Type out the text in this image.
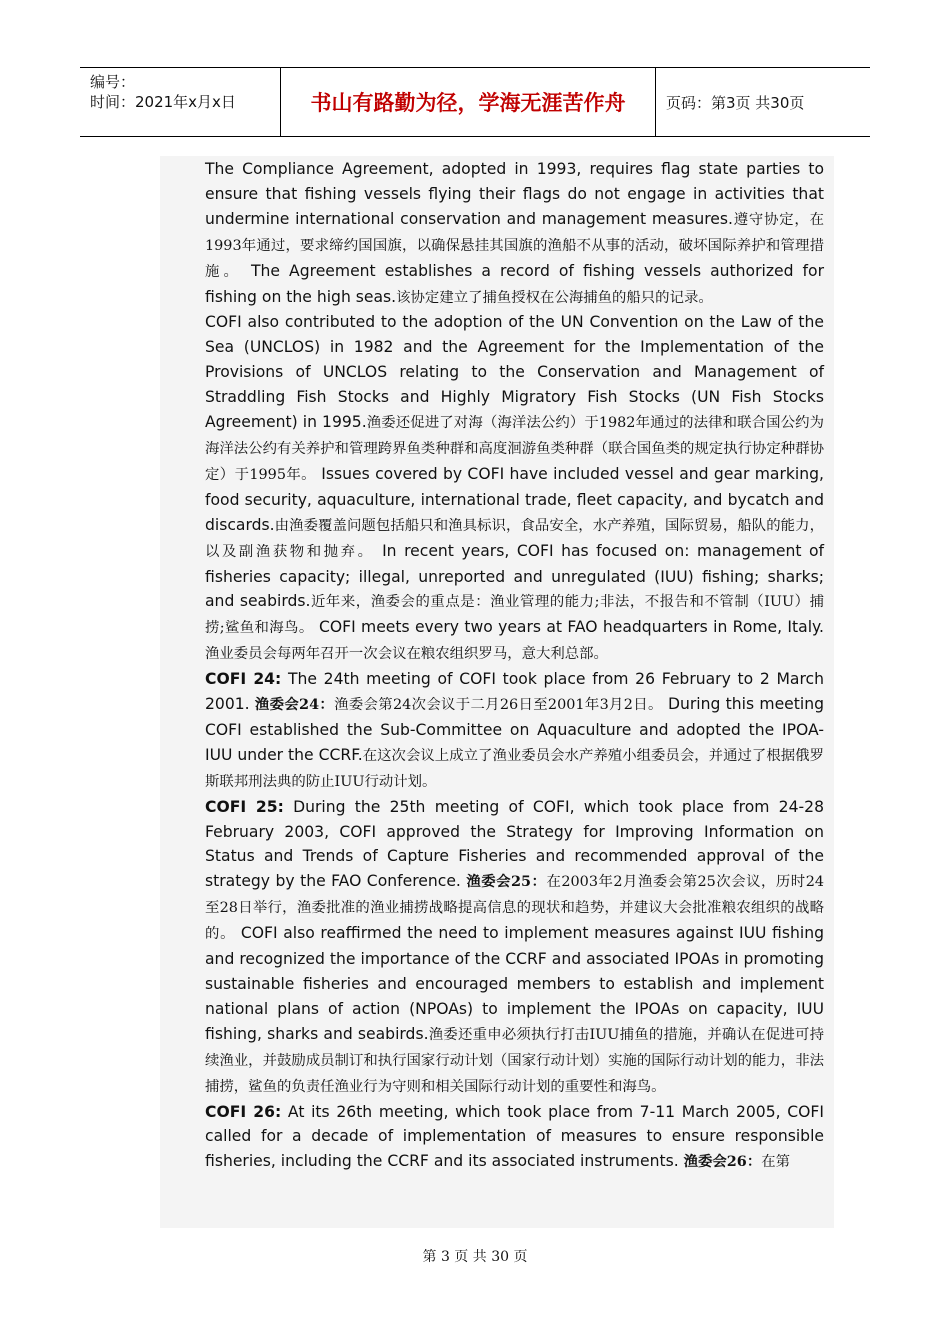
编号：
时间：2021年x月x日	书山有路勤为径，学海无涯苦作舟	页码：第3页 共30页

The Compliance Agreement, adopted in 1993, requires flag state parties to ensure that fishing vessels flying their flags do not engage in activities that undermine international conservation and management measures.遵守协定，在1993年通过，要求缔约国国旗，以确保悬挂其国旗的渔船不从事的活动，破坏国际养护和管理措施。 The Agreement establishes a record of fishing vessels authorized for fishing on the high seas.该协定建立了捕鱼授权在公海捕鱼的船只的记录。

COFI also contributed to the adoption of the UN Convention on the Law of the Sea (UNCLOS) in 1982 and the Agreement for the Implementation of the Provisions of UNCLOS relating to the Conservation and Management of Straddling Fish Stocks and Highly Migratory Fish Stocks (UN Fish Stocks Agreement) in 1995.渔委还促进了对海（海洋法公约）于1982年通过的法律和联合国公约为海洋法公约有关养护和管理跨界鱼类种群和高度洄游鱼类种群（联合国鱼类的规定执行协定种群协定）于1995年。 Issues covered by COFI have included vessel and gear marking, food security, aquaculture, international trade, fleet capacity, and bycatch and discards.由渔委覆盖问题包括船只和渔具标识，食品安全，水产养殖，国际贸易，船队的能力，以及副渔获物和抛弃。 In recent years, COFI has focused on: management of fisheries capacity; illegal, unreported and unregulated (IUU) fishing; sharks; and seabirds.近年来，渔委会的重点是：渔业管理的能力;非法，不报告和不管制（IUU）捕捞;鲨鱼和海鸟。 COFI meets every two years at FAO headquarters in Rome, Italy.渔业委员会每两年召开一次会议在粮农组织罗马，意大利总部。

COFI 24: The 24th meeting of COFI took place from 26 February to 2 March 2001. 渔委会24：渔委会第24次会议于二月26日至2001年3月2日。 During this meeting COFI established the Sub-Committee on Aquaculture and adopted the IPOA-IUU under the CCRF.在这次会议上成立了渔业委员会水产养殖小组委员会，并通过了根据俄罗斯联邦刑法典的防止IUU行动计划。

COFI 25: During the 25th meeting of COFI, which took place from 24-28 February 2003, COFI approved the Strategy for Improving Information on Status and Trends of Capture Fisheries and recommended approval of the strategy by the FAO Conference. 渔委会25：在2003年2月渔委会第25次会议，历时24至28日举行，渔委批准的渔业捕捞战略提高信息的现状和趋势，并建议大会批准粮农组织的战略的。 COFI also reaffirmed the need to implement measures against IUU fishing and recognized the importance of the CCRF and associated IPOAs in promoting sustainable fisheries and encouraged members to establish and implement national plans of action (NPOAs) to implement the IPOAs on capacity, IUU fishing, sharks and seabirds.渔委还重申必须执行打击IUU捕鱼的措施，并确认在促进可持续渔业，并鼓励成员制订和执行国家行动计划（国家行动计划）实施的国际行动计划的能力，非法捕捞，鲨鱼的负责任渔业行为守则和相关国际行动计划的重要性和海鸟。

COFI 26: At its 26th meeting, which took place from 7-11 March 2005, COFI called for a decade of implementation of measures to ensure responsible fisheries, including the CCRF and its associated instruments. 渔委会26：在第

第 3 页 共 30 页
